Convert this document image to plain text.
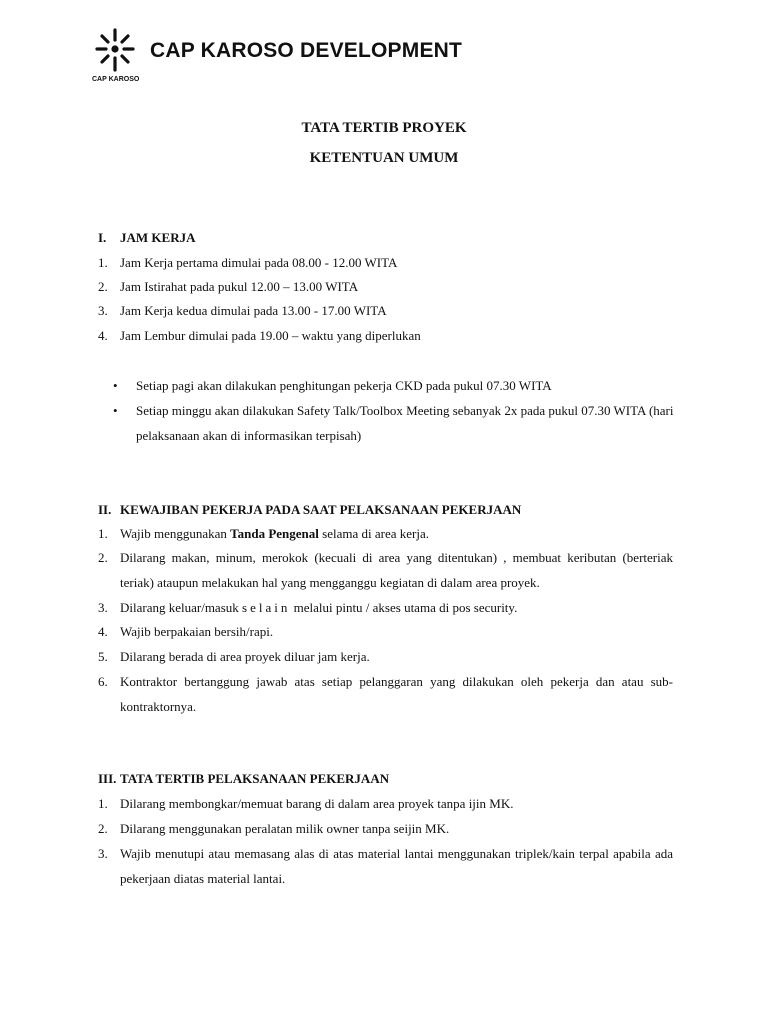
CAP KAROSO DEVELOPMENT
CAP KAROSO
TATA TERTIB PROYEK
KETENTUAN UMUM
I. JAM KERJA
1. Jam Kerja pertama dimulai pada 08.00 - 12.00 WITA
2. Jam Istirahat pada pukul 12.00 – 13.00 WITA
3. Jam Kerja kedua dimulai pada 13.00 - 17.00 WITA
4. Jam Lembur dimulai pada 19.00 – waktu yang diperlukan
• Setiap pagi akan dilakukan penghitungan pekerja CKD pada pukul 07.30 WITA
• Setiap minggu akan dilakukan Safety Talk/Toolbox Meeting sebanyak 2x pada pukul 07.30 WITA (hari pelaksanaan akan di informasikan terpisah)
II. KEWAJIBAN PEKERJA PADA SAAT PELAKSANAAN PEKERJAAN
1. Wajib menggunakan Tanda Pengenal selama di area kerja.
2. Dilarang makan, minum, merokok (kecuali di area yang ditentukan) , membuat keributan (berteriak teriak) ataupun melakukan hal yang mengganggu kegiatan di dalam area proyek.
3. Dilarang keluar/masuk selain melalui pintu / akses utama di pos security.
4. Wajib berpakaian bersih/rapi.
5. Dilarang berada di area proyek diluar jam kerja.
6. Kontraktor bertanggung jawab atas setiap pelanggaran yang dilakukan oleh pekerja dan atau sub-kontraktornya.
III. TATA TERTIB PELAKSANAAN PEKERJAAN
1. Dilarang membongkar/memuat barang di dalam area proyek tanpa ijin MK.
2. Dilarang menggunakan peralatan milik owner tanpa seijin MK.
3. Wajib menutupi atau memasang alas di atas material lantai menggunakan triplek/kain terpal apabila ada pekerjaan diatas material lantai.
